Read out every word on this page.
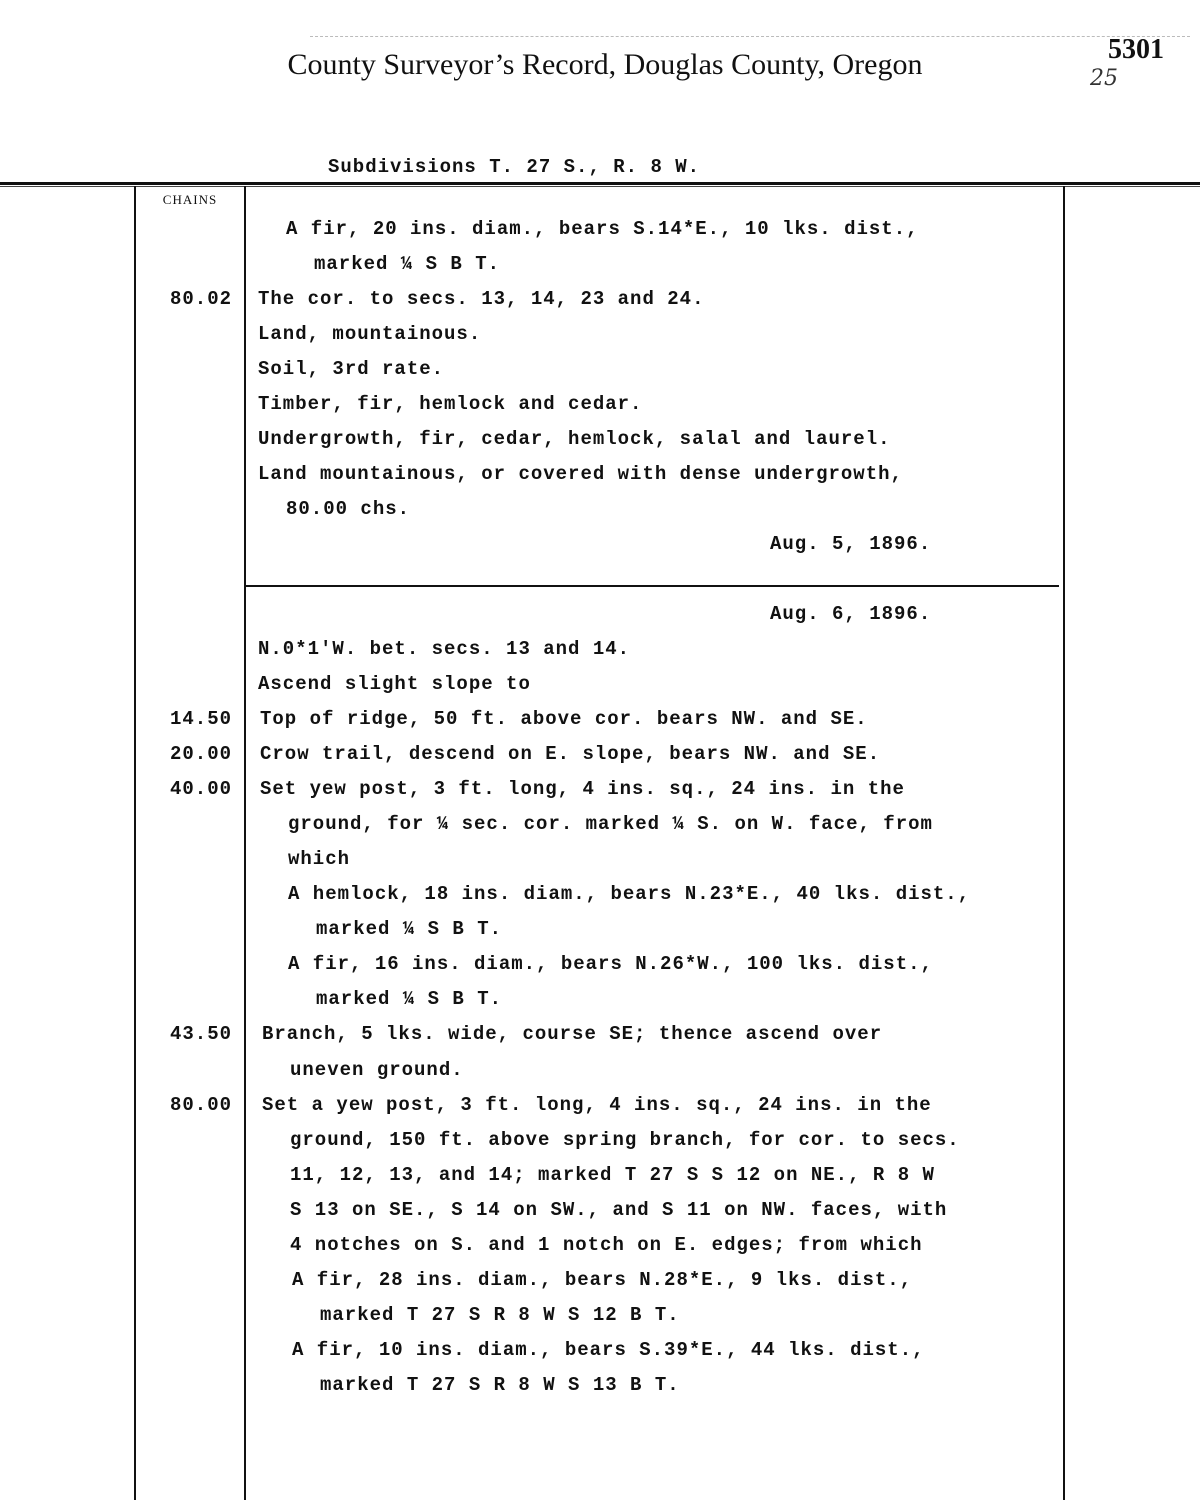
County Surveyor’s Record, Douglas County, Oregon	5301
25
Subdivisions T. 27 S., R. 8 W.
CHAINS
80.02
14.50
20.00
40.00
43.50
80.00
A fir, 20 ins. diam., bears S.14*E., 10 lks. dist.,
marked ¼ S B T.
The cor. to secs. 13, 14, 23 and 24.
Land, mountainous.
Soil, 3rd rate.
Timber, fir, hemlock and cedar.
Undergrowth, fir, cedar, hemlock, salal and laurel.
Land mountainous, or covered with dense undergrowth,
80.00 chs.
Aug. 5, 1896.
Aug. 6, 1896.
N.0*1'W. bet. secs. 13 and 14.
Ascend slight slope to
Top of ridge, 50 ft. above cor. bears NW. and SE.
Crow trail, descend on E. slope, bears NW. and SE.
Set yew post, 3 ft. long, 4 ins. sq., 24 ins. in the
ground, for ¼ sec. cor. marked ¼ S. on W. face, from
which
A hemlock, 18 ins. diam., bears N.23*E., 40 lks. dist.,
marked ¼ S B T.
A fir, 16 ins. diam., bears N.26*W., 100 lks. dist.,
marked ¼ S B T.
Branch, 5 lks. wide, course SE; thence ascend over
uneven ground.
Set a yew post, 3 ft. long, 4 ins. sq., 24 ins. in the
ground, 150 ft. above spring branch, for cor. to secs.
11, 12, 13, and 14; marked T 27 S S 12 on NE., R 8 W
S 13 on SE., S 14 on SW., and S 11 on NW. faces, with
4 notches on S. and 1 notch on E. edges; from which
A fir, 28 ins. diam., bears N.28*E., 9 lks. dist.,
marked T 27 S R 8 W S 12 B T.
A fir, 10 ins. diam., bears S.39*E., 44 lks. dist.,
marked T 27 S R 8 W S 13 B T.
